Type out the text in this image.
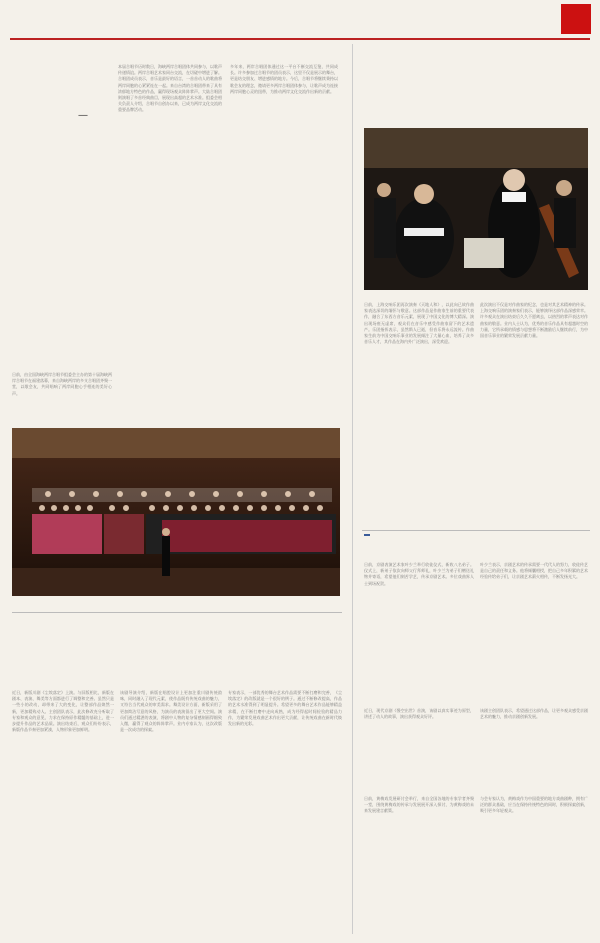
—
日前，由全国海峡两岸合唱节组委会主办的第十届海峡两岸合唱节在福建落幕，来自海峡两岸的多支合唱团齐聚一堂，以歌会友，共同唱响了两岸同胞心手相连的美好心声。
本届合唱节历时数日，海峡两岸合唱团体共同参与，以歌声传递情谊。两岸合唱艺术家同台交流，在切磋中增进了解。合唱团成员表示，音乐是最好的语言，一首首动人的歌曲将两岸同胞的心紧紧连在一起。来自台湾的合唱团带来了具有浓郁地方特色的作品，赢得现场观众阵阵掌声。大陆合唱团则演唱了多首经典曲目，展现出高超的艺术水准。组委会相关负责人介绍，合唱节自创办以来，已成为两岸文化交流的重要品牌活动。
多年来，两岸合唱团体通过这一平台不断交流互鉴，共同成长。许多参加过合唱节的团员表示，这里不仅是展示的舞台，更是结交朋友、增进感情的地方。今后，合唱节将继续秉持以歌会友的理念，邀请更多两岸合唱团体参与，让歌声成为连接两岸同胞心灵的纽带，为推动两岸文化交流作出新的贡献。
日前，上海交响乐团再次演奏《天地人和》，以此向已故作曲家表达深切的缅怀与敬意。这部作品是作曲家生前的重要代表作，融合了东西方音乐元素，展现了中国文化的博大精深。演出现场座无虚席，观众们在音乐中感受作曲家留下的艺术遗产。乐团指挥表示，虽然斯人已逝，但音乐将永远流传。作曲家生前为中国交响乐事业的发展倾注了大量心血，培养了众多音乐人才，其作品在海内外广泛演出，深受欢迎。
此次演出不仅是对作曲家的纪念，也是对其艺术精神的传承。上海交响乐团的演奏家们表示，能够演绎这部作品深感荣幸。许多观众在演出结束后久久不愿离去，以热烈的掌声表达对作曲家的敬意。业内人士认为，优秀的音乐作品具有超越时空的力量，它所承载的情感与思想将不断激励后人继续前行，为中国音乐事业的繁荣发展贡献力量。
日前，京剧表演艺术家叶少兰举行收徒仪式，新收八名弟子。仪式上，新弟子依次向师父行拜师礼，叶少兰为弟子们赠送礼物并寄语，希望他们刻苦学艺，传承京剧艺术。多位戏曲界人士到场祝贺。
叶少兰表示，京剧艺术的传承需要一代代人的努力，收徒传艺是自己的责任和义务。他将倾囊相授，把自己多年积累的艺术经验传给弟子们，让京剧艺术薪火相传，不断发扬光大。
近日，现代京剧《慢空出世》首演，该剧以真实事迹为原型，讲述了动人的故事，演出获得观众好评。
该剧主创团队表示，希望通过这部作品，让更多观众感受京剧艺术的魅力，推动京剧创新发展。
日前，黄梅戏发展研讨会举行，来自全国各地的专家学者齐聚一堂，围绕黄梅戏的传承与发展展开深入探讨，为黄梅戏的未来发展建言献策。
与会专家认为，黄梅戏作为中国重要的地方戏曲剧种，拥有广泛的群众基础，应当在保持传统特色的同时，积极探索创新，吸引更多年轻观众。
近日，新版川剧《尘埃落定》上演。与旧版相比，新版在剧本、表演、舞美等方面都进行了调整和完善。虽然只是一些小的改动，却带来了大的变化，让整部作品焕然一新，更加精致动人。主创团队表示，此次修改充分听取了专家和观众的意见，力求在保持原作精髓的基础上，进一步提升作品的艺术品质。演出结束后，观众们纷纷表示，新版作品节奏更加紧凑，人物形象更加鲜明。
该剧导演介绍，新版在唱腔设计上更加注重川剧传统韵味，同时融入了现代元素，使作品既有传统戏曲的魅力，又符合当代观众的审美需求。舞美设计方面，新版采用了更加简洁写意的风格，为演员的表演留出了更大空间。演员们通过精湛的表演，将剧中人物的复杂情感刻画得细致入微，赢得了观众的阵阵掌声。业内专家认为，这次改版是一次成功的探索。
专家表示，一部优秀的舞台艺术作品需要不断打磨和完善，《尘埃落定》的改版就是一个很好的例子。通过不断修改提高，作品的艺术水准得到了明显提升。希望更多的舞台艺术作品能够精益求精，在不断打磨中走向成熟，成为经得起时间检验的精品力作，为繁荣发展戏曲艺术作出更大贡献，让传统戏曲在新时代焕发出新的光彩。
